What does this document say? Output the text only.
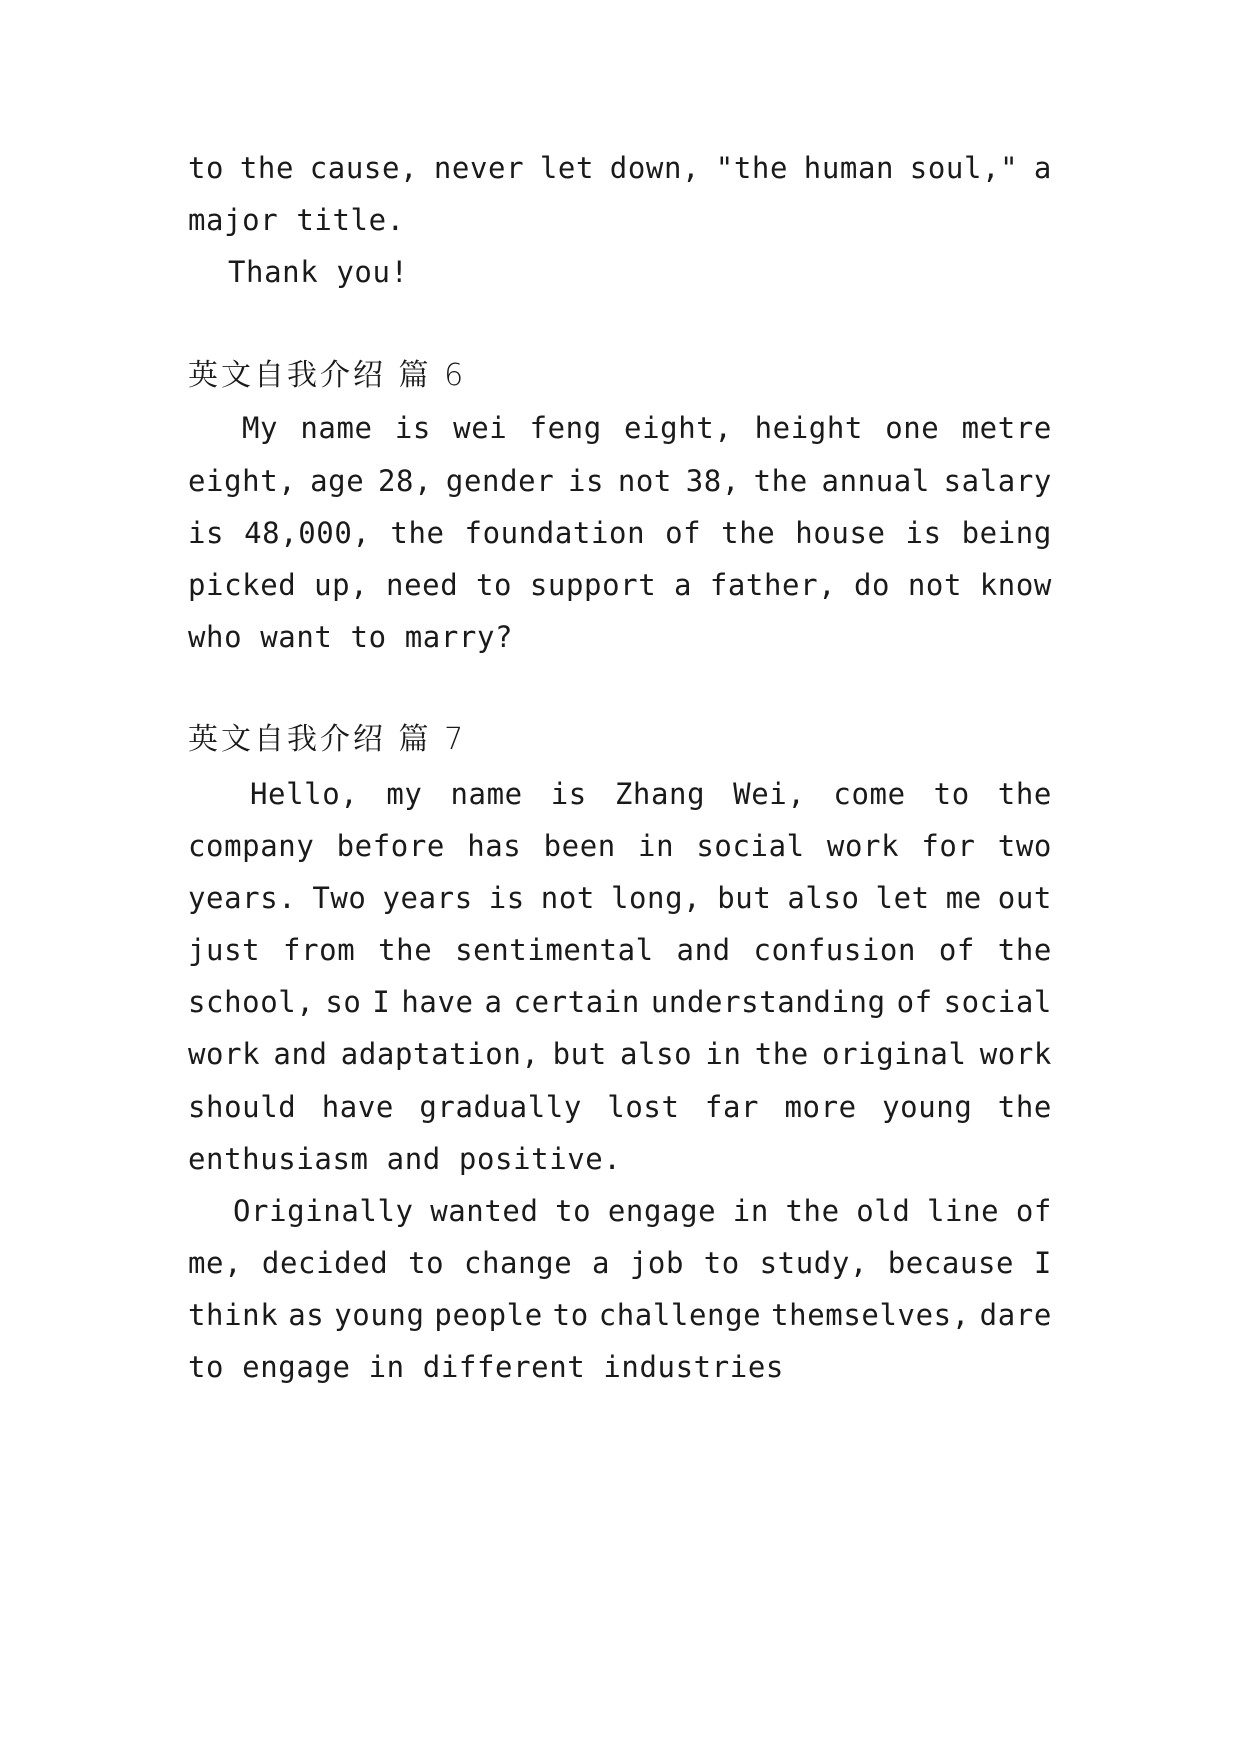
to the cause, never let down, "the human soul," a
major title.
Thank you!
英文自我介绍 篇 6
My name is wei feng eight, height one metre
eight, age 28, gender is not 38, the annual salary
is 48,000, the foundation of the house is being
picked up, need to support a father, do not know
who want to marry?
英文自我介绍 篇 7
Hello, my name is Zhang Wei, come to the
company before has been in social work for two
years. Two years is not long, but also let me out
just from the sentimental and confusion of the
school, so I have a certain understanding of social
work and adaptation, but also in the original work
should have gradually lost far more young the
enthusiasm and positive.
Originally wanted to engage in the old line of
me, decided to change a job to study, because I
think as young people to challenge themselves, dare
to engage in different industries
